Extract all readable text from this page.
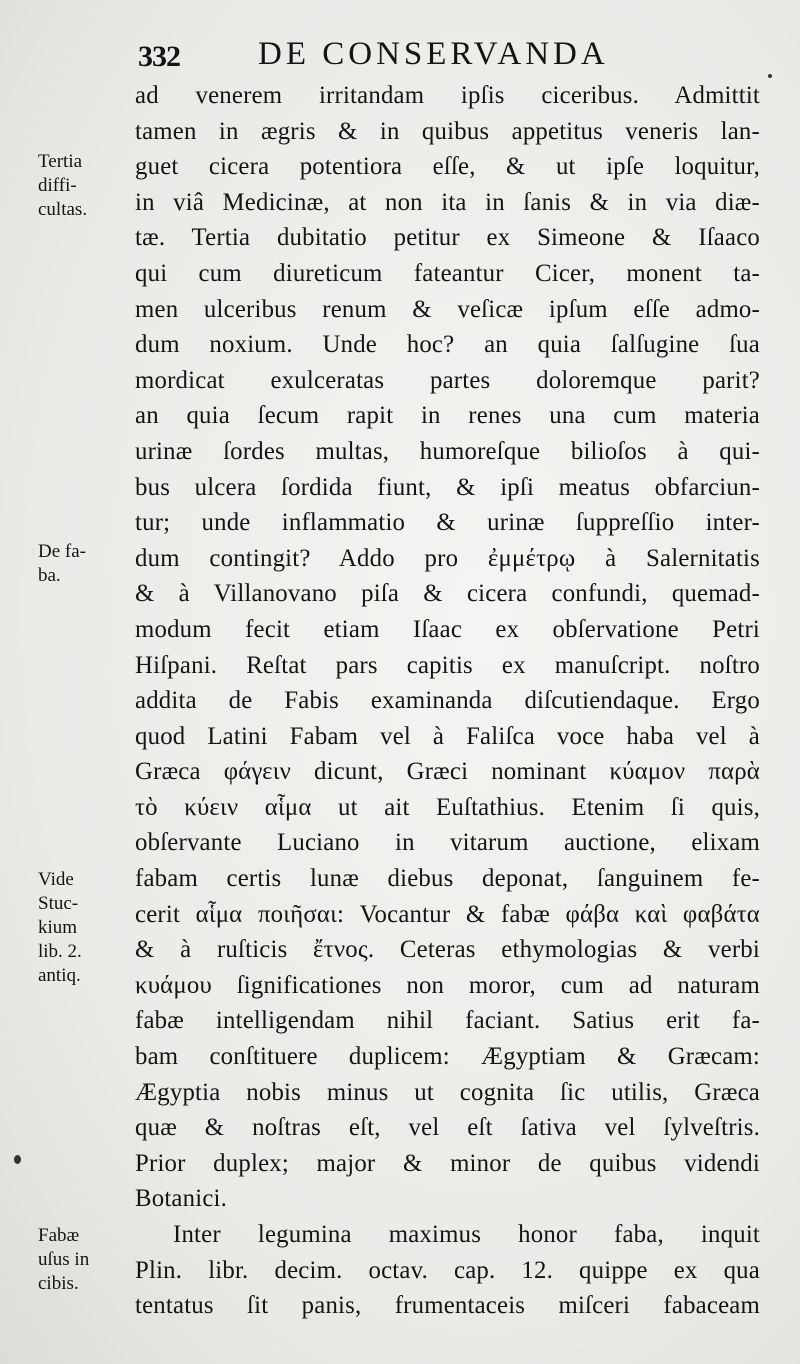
332 DE CONSERVANDA
ad venerem irritandam ipſis ciceribus. Admittit
tamen in ægris & in quibus appetitus veneris lan-
guet cicera potentiora eſſe, & ut ipſe loquitur,
in viâ Medicinæ, at non ita in ſanis & in via diæ-
tæ. Tertia dubitatio petitur ex Simeone & Iſaaco
qui cum diureticum fateantur Cicer, monent ta-
men ulceribus renum & veſicæ ipſum eſſe admo-
dum noxium. Unde hoc? an quia ſalſugine ſua
mordicat exulceratas partes doloremque parit?
an quia ſecum rapit in renes una cum materia
urinæ ſordes multas, humoreſque bilioſos à qui-
bus ulcera ſordida fiunt, & ipſi meatus obfarciun-
tur; unde inflammatio & urinæ ſuppreſſio inter-
dum contingit? Addo pro ἐμμέτρῳ à Salernitatis
& à Villanovano piſa & cicera confundi, quemad-
modum fecit etiam Iſaac ex obſervatione Petri
Hiſpani. Reſtat pars capitis ex manuſcript. noſtro
addita de Fabis examinanda diſcutiendaque. Ergo
quod Latini Fabam vel à Faliſca voce haba vel à
Græca φάγειν dicunt, Græci nominant κύαμον παρὰ
τὸ κύειν αἷμα ut ait Euſtathius. Etenim ſi quis,
obſervante Luciano in vitarum auctione, elixam
fabam certis lunæ diebus deponat, ſanguinem fe-
cerit αἷμα ποιῆσαι: Vocantur & fabæ φάβα καὶ φαβάτα
& à ruſticis ἔτνος. Ceteras ethymologias & verbi
κυάμου ſignificationes non moror, cum ad naturam
fabæ intelligendam nihil faciant. Satius erit fa-
bam conſtituere duplicem: Ægyptiam & Græcam:
Ægyptia nobis minus ut cognita ſic utilis, Græca
quæ & noſtras eſt, vel eſt ſativa vel ſylveſtris.
Prior duplex; major & minor de quibus videndi
Botanici.
Inter legumina maximus honor faba, inquit
Plin. libr. decim. octav. cap. 12. quippe ex qua
tentatus ſit panis, frumentaceis miſceri fabaceam
Tertia
diffi-
cultas.
De fa-
ba.
Vide
Stuc-
kium
lib. 2.
antiq.
Fabæ
uſus in
cibis.
